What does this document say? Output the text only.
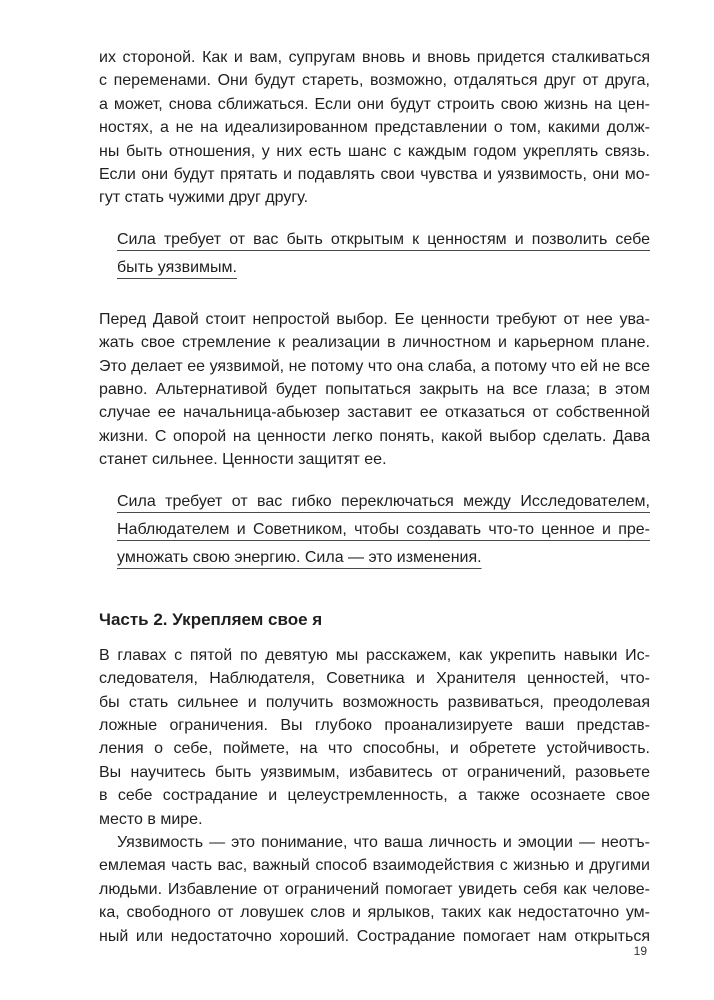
их стороной. Как и вам, супругам вновь и вновь придется сталкиваться
с переменами. Они будут стареть, возможно, отдаляться друг от друга,
а может, снова сближаться. Если они будут строить свою жизнь на цен-
ностях, а не на идеализированном представлении о том, какими долж-
ны быть отношения, у них есть шанс с каждым годом укреплять связь.
Если они будут прятать и подавлять свои чувства и уязвимость, они мо-
гут стать чужими друг другу.
Сила требует от вас быть открытым к ценностям и позволить себе
быть уязвимым.
Перед Давой стоит непростой выбор. Ее ценности требуют от нее ува-
жать свое стремление к реализации в личностном и карьерном плане.
Это делает ее уязвимой, не потому что она слаба, а потому что ей не все
равно. Альтернативой будет попытаться закрыть на все глаза; в этом
случае ее начальница-абьюзер заставит ее отказаться от собственной
жизни. С опорой на ценности легко понять, какой выбор сделать. Дава
станет сильнее. Ценности защитят ее.
Сила требует от вас гибко переключаться между Исследователем,
Наблюдателем и Советником, чтобы создавать что-то ценное и пре-
умножать свою энергию. Сила — это изменения.
Часть 2. Укрепляем свое я
В главах с пятой по девятую мы расскажем, как укрепить навыки Ис-
следователя, Наблюдателя, Советника и Хранителя ценностей, что-
бы стать сильнее и получить возможность развиваться, преодолевая
ложные ограничения. Вы глубоко проанализируете ваши представ-
ления о себе, поймете, на что способны, и обретете устойчивость.
Вы научитесь быть уязвимым, избавитесь от ограничений, разовьете
в себе сострадание и целеустремленность, а также осознаете свое
место в мире.
Уязвимость — это понимание, что ваша личность и эмоции — неотъ-
емлемая часть вас, важный способ взаимодействия с жизнью и другими
людьми. Избавление от ограничений помогает увидеть себя как челове-
ка, свободного от ловушек слов и ярлыков, таких как недостаточно ум-
ный или недостаточно хороший. Сострадание помогает нам открыться
19
